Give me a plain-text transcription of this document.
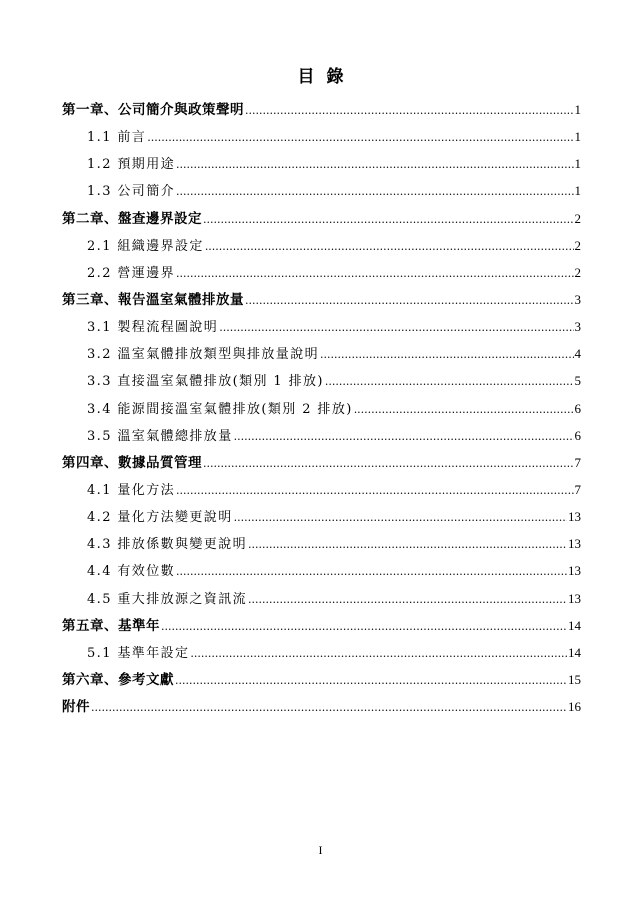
目錄
第一章、公司簡介與政策聲明 .....	1
1.1 前言 .....	1
1.2 預期用途 .....	1
1.3 公司簡介 .....	1
第二章、盤查邊界設定 .....	2
2.1 組織邊界設定 .....	2
2.2 營運邊界 .....	2
第三章、報告溫室氣體排放量 .....	3
3.1 製程流程圖說明 .....	3
3.2 溫室氣體排放類型與排放量說明 .....	4
3.3 直接溫室氣體排放(類別 1 排放) .....	5
3.4 能源間接溫室氣體排放(類別 2 排放) .....	6
3.5 溫室氣體總排放量 .....	6
第四章、數據品質管理 .....	7
4.1 量化方法 .....	7
4.2 量化方法變更說明 .....	13
4.3 排放係數與變更說明 .....	13
4.4 有效位數 .....	13
4.5 重大排放源之資訊流 .....	13
第五章、基準年 .....	14
5.1 基準年設定 .....	14
第六章、參考文獻 .....	15
附件 .....	16
I
